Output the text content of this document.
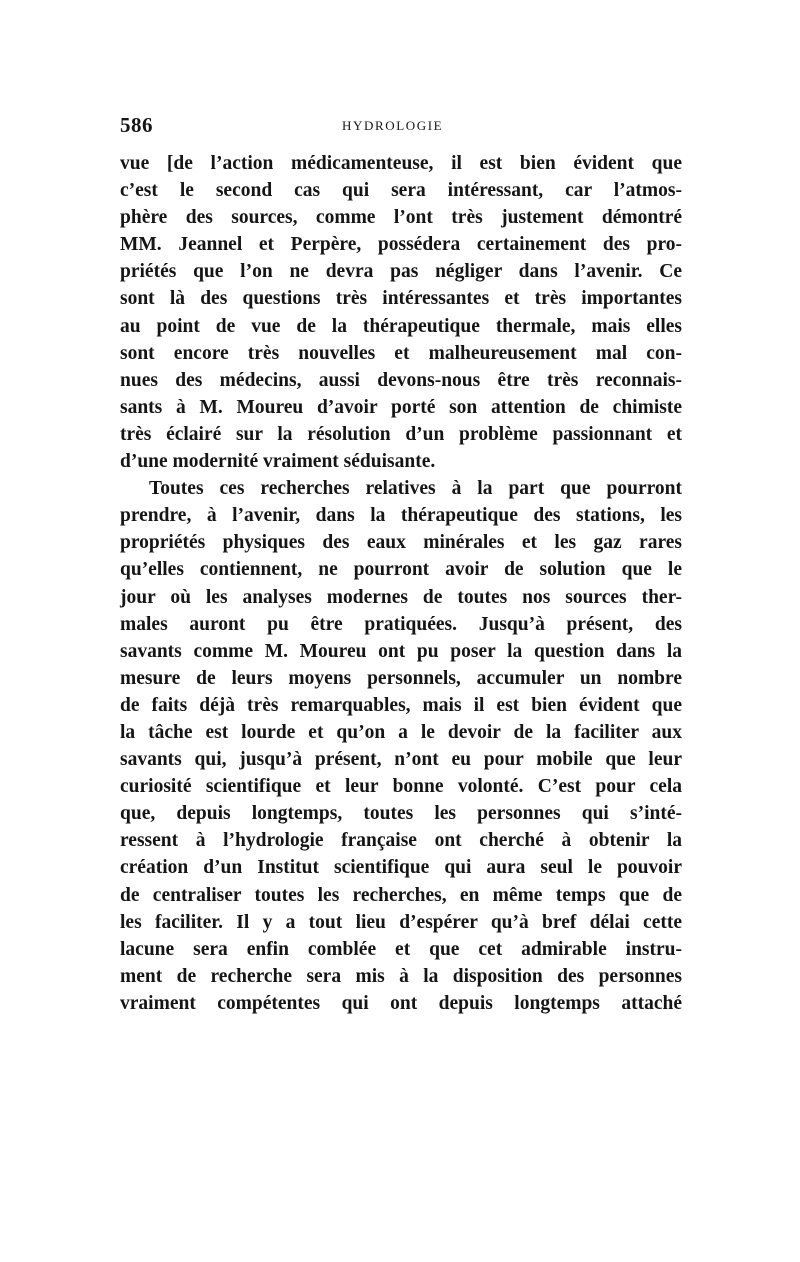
586	HYDROLOGIE
vue [de l’action médicamenteuse, il est bien évident que
c’est le second cas qui sera intéressant, car l’atmos-
phère des sources, comme l’ont très justement démontré
MM. Jeannel et Perpère, possédera certainement des pro-
priétés que l’on ne devra pas négliger dans l’avenir. Ce
sont là des questions très intéressantes et très importantes
au point de vue de la thérapeutique thermale, mais elles
sont encore très nouvelles et malheureusement mal con-
nues des médecins, aussi devons-nous être très reconnais-
sants à M. Moureu d’avoir porté son attention de chimiste
très éclairé sur la résolution d’un problème passionnant et
d’une modernité vraiment séduisante.
Toutes ces recherches relatives à la part que pourront
prendre, à l’avenir, dans la thérapeutique des stations, les
propriétés physiques des eaux minérales et les gaz rares
qu’elles contiennent, ne pourront avoir de solution que le
jour où les analyses modernes de toutes nos sources ther-
males auront pu être pratiquées. Jusqu’à présent, des
savants comme M. Moureu ont pu poser la question dans la
mesure de leurs moyens personnels, accumuler un nombre
de faits déjà très remarquables, mais il est bien évident que
la tâche est lourde et qu’on a le devoir de la faciliter aux
savants qui, jusqu’à présent, n’ont eu pour mobile que leur
curiosité scientifique et leur bonne volonté. C’est pour cela
que, depuis longtemps, toutes les personnes qui s’inté-
ressent à l’hydrologie française ont cherché à obtenir la
création d’un Institut scientifique qui aura seul le pouvoir
de centraliser toutes les recherches, en même temps que de
les faciliter. Il y a tout lieu d’espérer qu’à bref délai cette
lacune sera enfin comblée et que cet admirable instru-
ment de recherche sera mis à la disposition des personnes
vraiment compétentes qui ont depuis longtemps attaché
